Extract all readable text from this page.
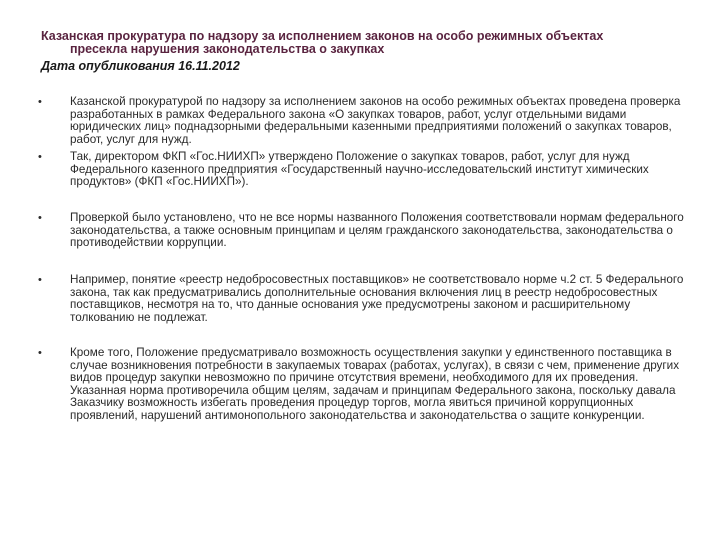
Казанская прокуратура по надзору за исполнением законов на особо режимных объектах
пресекла нарушения законодательства о закупках
Дата опубликования 16.11.2012
• Казанской прокуратурой по надзору за исполнением законов на особо режимных объектах проведена проверка разработанных в рамках Федерального закона «О закупках товаров, работ, услуг отдельными видами юридических лиц» поднадзорными федеральными казенными предприятиями положений о закупках товаров, работ, услуг для нужд.
• Так, директором ФКП «Гос.НИИХП» утверждено Положение о закупках товаров, работ, услуг для нужд Федерального казенного предприятия «Государственный научно-исследовательский институт химических продуктов» (ФКП «Гос.НИИХП»).
• Проверкой было установлено, что не все нормы названного Положения соответствовали нормам федерального законодательства, а также основным принципам и целям гражданского законодательства, законодательства о противодействии коррупции.
• Например, понятие «реестр недобросовестных поставщиков» не соответствовало норме ч.2 ст. 5 Федерального закона, так как предусматривались дополнительные основания включения лиц в реестр недобросовестных поставщиков, несмотря на то, что данные основания уже предусмотрены законом и расширительному толкованию не подлежат.
• Кроме того, Положение предусматривало возможность осуществления закупки у единственного поставщика в случае возникновения потребности в закупаемых товарах (работах, услугах), в связи с чем, применение других видов процедур закупки невозможно по причине отсутствия времени, необходимого для их проведения. Указанная норма противоречила общим целям, задачам и принципам Федерального закона, поскольку давала Заказчику возможность избегать проведения процедур торгов, могла явиться причиной коррупционных проявлений, нарушений антимонопольного законодательства и законодательства о защите конкуренции.
